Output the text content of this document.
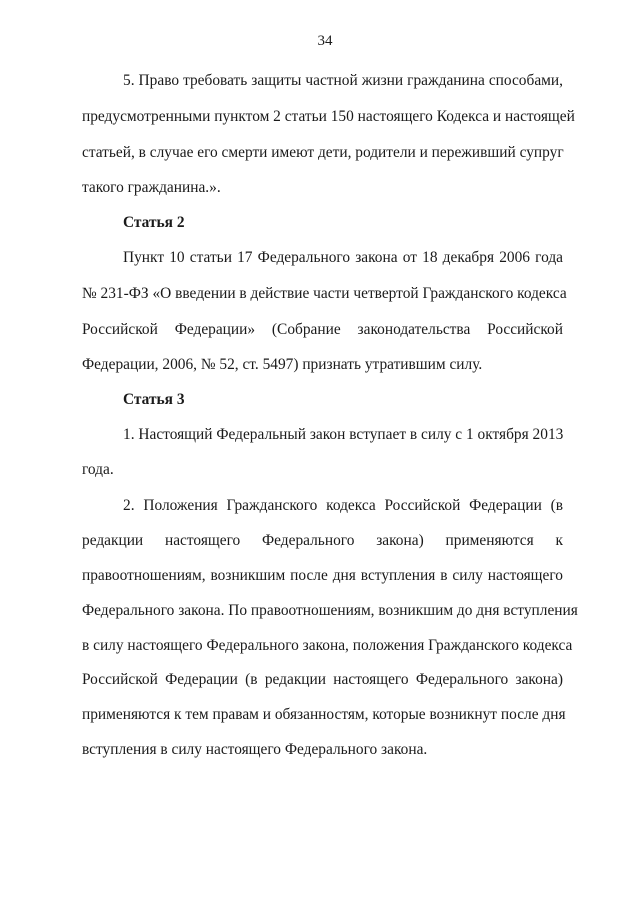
34
5. Право требовать защиты частной жизни гражданина способами,
предусмотренными пунктом 2 статьи 150 настоящего Кодекса и настоящей
статьей, в случае его смерти имеют дети, родители и переживший супруг
такого гражданина.».
Статья 2
Пункт 10 статьи 17 Федерального закона от 18 декабря 2006 года
№ 231-ФЗ «О введении в действие части четвертой Гражданского кодекса
Российской Федерации» (Собрание законодательства Российской
Федерации, 2006, № 52, ст. 5497) признать утратившим силу.
Статья 3
1. Настоящий Федеральный закон вступает в силу с 1 октября 2013
года.
2. Положения Гражданского кодекса Российской Федерации (в
редакции настоящего Федерального закона) применяются к
правоотношениям, возникшим после дня вступления в силу настоящего
Федерального закона. По правоотношениям, возникшим до дня вступления
в силу настоящего Федерального закона, положения Гражданского кодекса
Российской Федерации (в редакции настоящего Федерального закона)
применяются к тем правам и обязанностям, которые возникнут после дня
вступления в силу настоящего Федерального закона.
